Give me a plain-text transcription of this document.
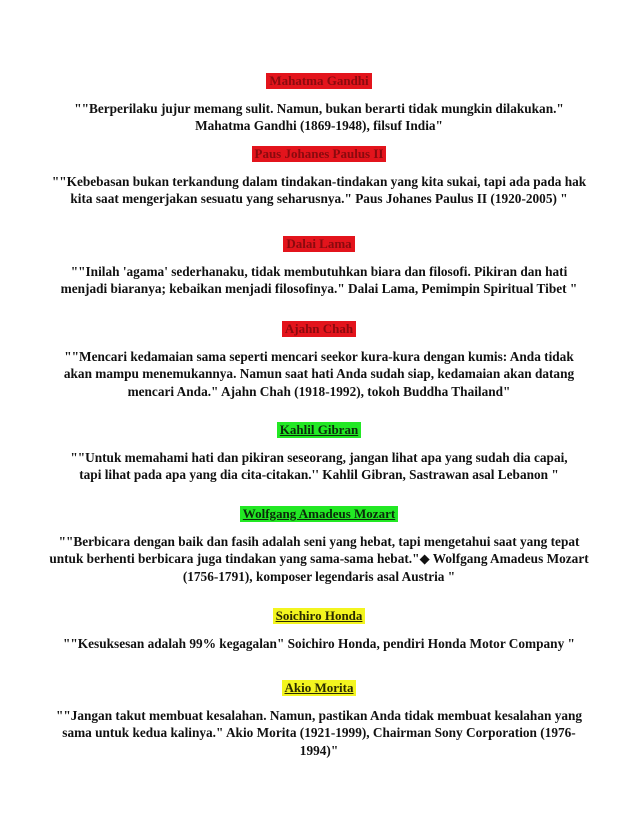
Mahatma Gandhi

""Berperilaku jujur memang sulit. Namun, bukan berarti tidak mungkin dilakukan." Mahatma Gandhi (1869-1948), filsuf India"

Paus Johanes Paulus II

""Kebebasan bukan terkandung dalam tindakan-tindakan yang kita sukai, tapi ada pada hak kita saat mengerjakan sesuatu yang seharusnya." Paus Johanes Paulus II (1920-2005) "

Dalai Lama

""Inilah 'agama' sederhanaku, tidak membutuhkan biara dan filosofi. Pikiran dan hati menjadi biaranya; kebaikan menjadi filosofinya." Dalai Lama, Pemimpin Spiritual Tibet "

Ajahn Chah

""Mencari kedamaian sama seperti mencari seekor kura-kura dengan kumis: Anda tidak akan mampu menemukannya. Namun saat hati Anda sudah siap, kedamaian akan datang mencari Anda." Ajahn Chah (1918-1992), tokoh Buddha Thailand"

Kahlil Gibran

""Untuk memahami hati dan pikiran seseorang, jangan lihat apa yang sudah dia capai, tapi lihat pada apa yang dia cita-citakan.'' Kahlil Gibran, Sastrawan asal Lebanon "

Wolfgang Amadeus Mozart

""Berbicara dengan baik dan fasih adalah seni yang hebat, tapi mengetahui saat yang tepat untuk berhenti berbicara juga tindakan yang sama-sama hebat."◆ Wolfgang Amadeus Mozart (1756-1791), komposer legendaris asal Austria "

Soichiro Honda

""Kesuksesan adalah 99% kegagalan" Soichiro Honda, pendiri Honda Motor Company "

Akio Morita

""Jangan takut membuat kesalahan. Namun, pastikan Anda tidak membuat kesalahan yang sama untuk kedua kalinya." Akio Morita (1921-1999), Chairman Sony Corporation (1976-1994)"
